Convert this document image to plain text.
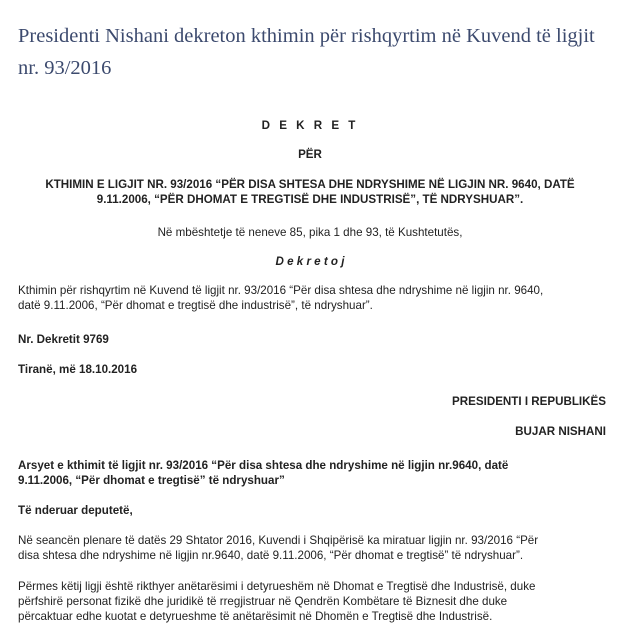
Presidenti Nishani dekreton kthimin për rishqyrtim në Kuvend të ligjit nr. 93/2016

D E K R E T

PËR

KTHIMIN E LIGJIT NR. 93/2016 “PËR DISA SHTESA DHE NDRYSHIME NË LIGJIN NR. 9640, DATË

9.11.2006, “PËR DHOMAT E TREGTISË DHE INDUSTRISË”, TË NDRYSHUAR”.

Në mbështetje të neneve 85, pika 1 dhe 93, të Kushtetutës,

D e k r e t o j

Kthimin për rishqyrtim në Kuvend të ligjit nr. 93/2016 “Për disa shtesa dhe ndryshime në ligjin nr. 9640,

datë 9.11.2006, “Për dhomat e tregtisë dhe industrisë”, të ndryshuar”.

Nr. Dekretit 9769

Tiranë, më 18.10.2016

PRESIDENTI I REPUBLIKËS

BUJAR NISHANI

Arsyet e kthimit të ligjit nr. 93/2016 “Për disa shtesa dhe ndryshime në ligjin nr.9640, datë

9.11.2006, “Për dhomat e tregtisë” të ndryshuar”

Të nderuar deputetë,

Në seancën plenare të datës 29 Shtator 2016, Kuvendi i Shqipërisë ka miratuar ligjin nr. 93/2016 “Për

disa shtesa dhe ndryshime në ligjin nr.9640, datë 9.11.2006, “Për dhomat e tregtisë” të ndryshuar”.

Përmes këtij ligji është rikthyer anëtarësimi i detyrueshëm në Dhomat e Tregtisë dhe Industrisë, duke

përfshirë personat fizikë dhe juridikë të rregjistruar në Qendrën Kombëtare të Biznesit dhe duke

përcaktuar edhe kuotat e detyrueshme të anëtarësimit në Dhomën e Tregtisë dhe Industrisë.
